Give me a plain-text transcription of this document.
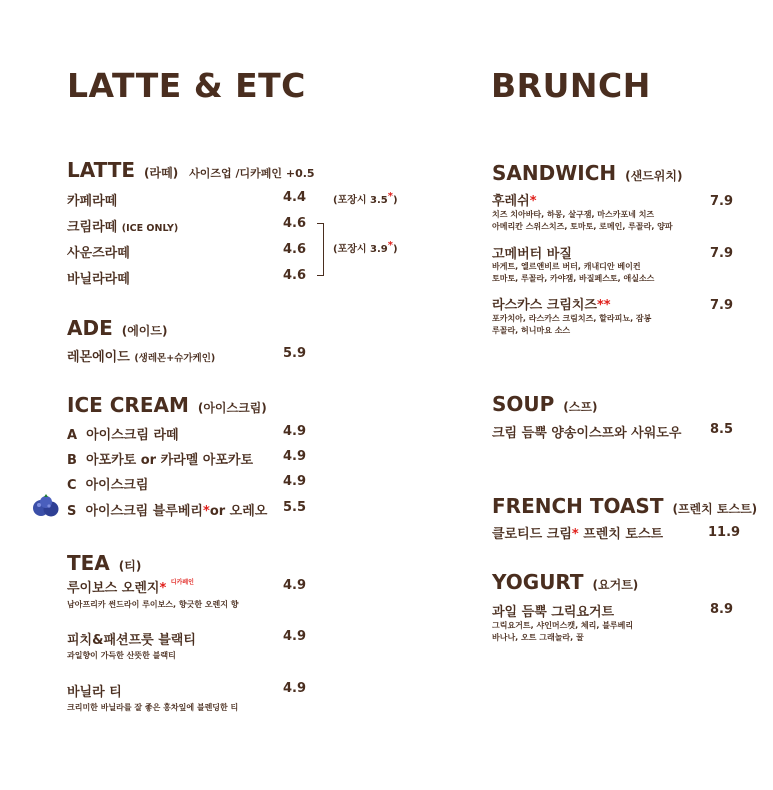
LATTE & ETC
LATTE (라떼) 사이즈업 /디카페인 +0.5
카페라떼	4.4	(포장시 3.5*)
크림라떼 (ICE ONLY)	4.6
사운즈라떼	4.6	(포장시 3.9*)
바닐라라떼	4.6
ADE (에이드)
레몬에이드 (생레몬+슈가케인)	5.9
ICE CREAM (아이스크림)
A 아이스크림 라떼	4.9
B 아포카토 or 카라멜 아포카토 4.9
C 아이스크림	4.9
S 아이스크림 블루베리*or 오레오 5.5
TEA (티)
루이보스 오렌지* $^{디카페인}$	4.9
남아프리카 썬드라이 루이보스, 향긋한 오렌지 향
피치&패션프룻 블랙티	4.9
과일향이 가득한 산뜻한 블랙티
바닐라 티	4.9
크리미한 바닐라를 잘 좋은 홍차잎에 블렌딩한 티
BRUNCH
SANDWICH (샌드위치)
후레쉬*	7.9
치즈 치아바타, 하몽, 살구잼, 마스카포네 치즈
아메리칸 스위스치즈, 토마토, 로메인, 루꼴라, 양파
고메버터 바질	7.9
바게트, 엘르앤비르 버터, 캐내디안 베이컨
토마토, 루꼴라, 카야잼, 바질페스토, 애실소스
라스카스 크림치즈**	7.9
포카치아, 라스카스 크림치즈, 할라피뇨, 잠봉
루꼴라, 허니마요 소스
SOUP (스프)
크림 듬뿍 양송이스프와 사워도우 8.5
FRENCH TOAST (프렌치 토스트)
클로티드 크림* 프렌치 토스트	11.9
YOGURT (요거트)
과일 듬뿍 그릭요거트	8.9
그릭요거트, 샤인머스캣, 체리, 블루베리
바나나, 오트 그래놀라, 꿀
